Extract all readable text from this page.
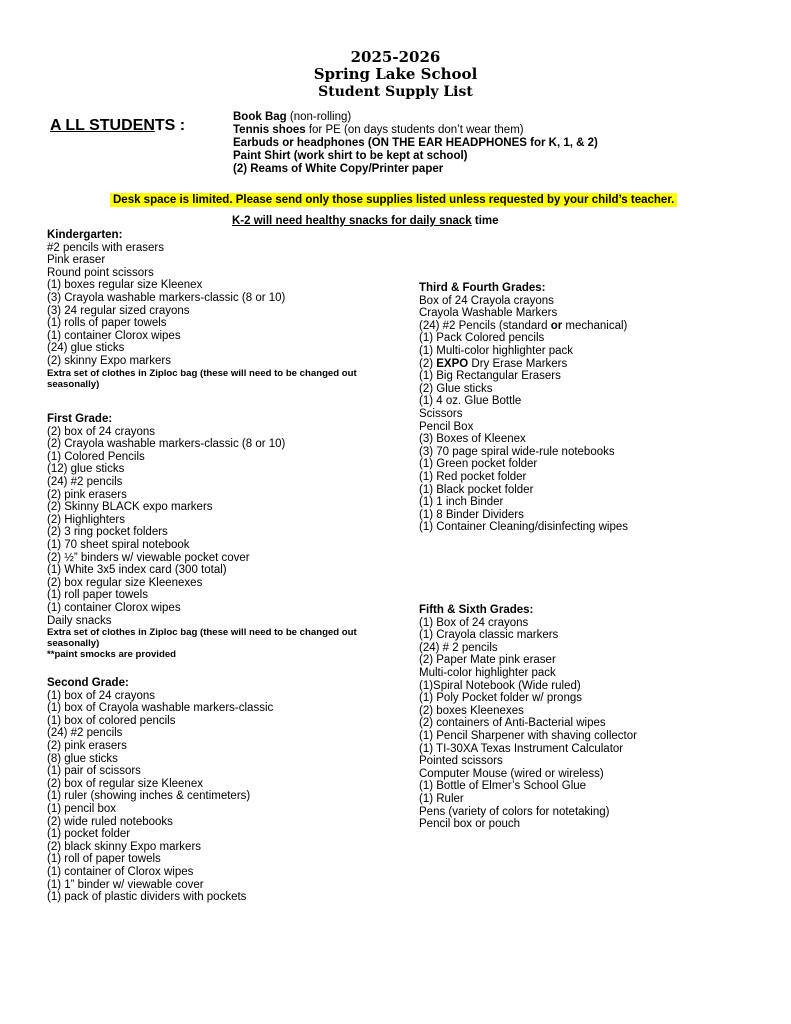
2025-2026
Spring Lake School
Student Supply List
A LL STUDENTS :	Book Bag (non-rolling)
Tennis shoes for PE (on days students don’t wear them)
Earbuds or headphones (ON THE EAR HEADPHONES for K, 1, & 2)
Paint Shirt (work shirt to be kept at school)
(2) Reams of White Copy/Printer paper
Desk space is limited. Please send only those supplies listed unless requested by your child’s teacher.
K-2 will need healthy snacks for daily snack time
Kindergarten:
#2 pencils with erasers
Pink eraser
Round point scissors
(1) boxes regular size Kleenex
(3) Crayola washable markers-classic (8 or 10)
(3) 24 regular sized crayons
(1) rolls of paper towels
(1) container Clorox wipes
(24) glue sticks
(2) skinny Expo markers
Extra set of clothes in Ziploc bag (these will need to be changed out seasonally)
First Grade:
(2) box of 24 crayons
(2) Crayola washable markers-classic (8 or 10)
(1) Colored Pencils
(12) glue sticks
(24) #2 pencils
(2) pink erasers
(2) Skinny BLACK expo markers
(2) Highlighters
(2) 3 ring pocket folders
(1) 70 sheet spiral notebook
(2) ½” binders w/ viewable pocket cover
(1) White 3x5 index card (300 total)
(2) box regular size Kleenexes
(1) roll paper towels
(1) container Clorox wipes
Daily snacks
Extra set of clothes in Ziploc bag (these will need to be changed out seasonally)
**paint smocks are provided
Second Grade:
(1) box of 24 crayons
(1) box of Crayola washable markers-classic
(1) box of colored pencils
(24) #2 pencils
(2) pink erasers
(8) glue sticks
(1) pair of scissors
(2) box of regular size Kleenex
(1) ruler (showing inches & centimeters)
(1) pencil box
(2) wide ruled notebooks
(1) pocket folder
(2) black skinny Expo markers
(1) roll of paper towels
(1) container of Clorox wipes
(1) 1” binder w/ viewable cover
(1) pack of plastic dividers with pockets
Third & Fourth Grades:
Box of 24 Crayola crayons
Crayola Washable Markers
(24) #2 Pencils (standard or mechanical)
(1) Pack Colored pencils
(1) Multi-color highlighter pack
(2) EXPO Dry Erase Markers
(1) Big Rectangular Erasers
(2) Glue sticks
(1) 4 oz. Glue Bottle
Scissors
Pencil Box
(3) Boxes of Kleenex
(3) 70 page spiral wide-rule notebooks
(1) Green pocket folder
(1) Red pocket folder
(1) Black pocket folder
(1) 1 inch Binder
(1) 8 Binder Dividers
(1) Container Cleaning/disinfecting wipes
Fifth & Sixth Grades:
(1) Box of 24 crayons
(1) Crayola classic markers
(24) # 2 pencils
(2) Paper Mate pink eraser
Multi-color highlighter pack
(1)Spiral Notebook (Wide ruled)
(1) Poly Pocket folder w/ prongs
(2) boxes Kleenexes
(2) containers of Anti-Bacterial wipes
(1) Pencil Sharpener with shaving collector
(1) TI-30XA Texas Instrument Calculator
Pointed scissors
Computer Mouse (wired or wireless)
(1) Bottle of Elmer’s School Glue
(1) Ruler
Pens (variety of colors for notetaking)
Pencil box or pouch
